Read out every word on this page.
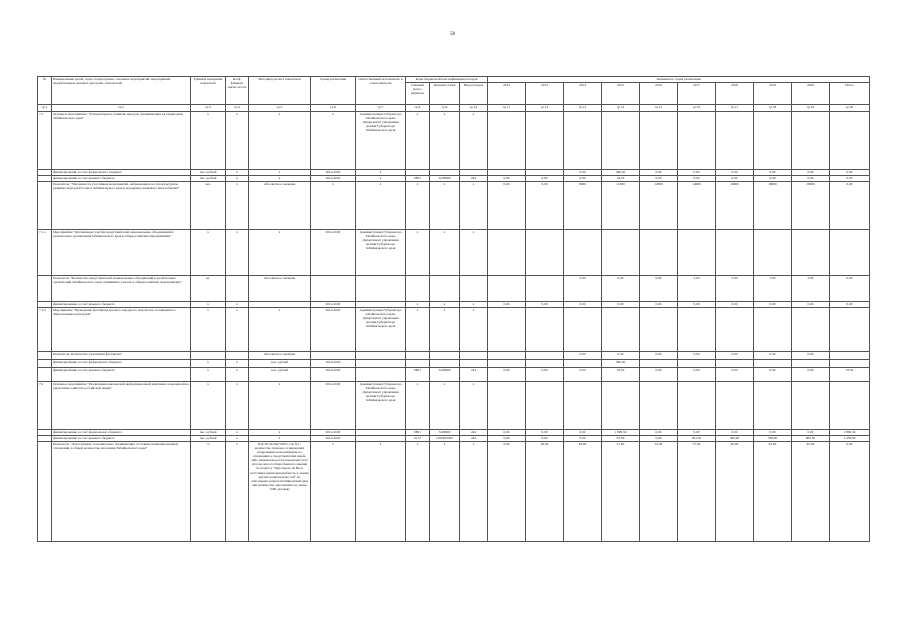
58
№	Наименование целей, задач, подпрограмм, основных мероприятий, мероприятий, ведомственных целевых программ, показателей	Единица измерения показателя	Коэф- фициент значи- мости	Методика расчета показателя	Сроки реализации	Ответственный исполнитель и соисполнители	Коды бюджетной классификации расходов			Значения по годам реализации									
							Главный распо- рядитель	Целевая статья	Вид расходов	2012	2013	2014	2015	2016	2017	2018	2019	2020	Итого
гр.1	гр.2	гр.3	гр.4	гр.5	гр.6	гр.7	гр.8	гр.9	гр.10	гр.11	гр.12	гр.13	гр.14	гр.15	гр.16	гр.17	гр.18	гр.19	гр.20
7.1	Основное мероприятие "Этнокультурное развитие народов, проживающих на территории Забайкальского края"	х	х	х	х	Администрация Губернатора Забайкальского края, Департамент управления делами Губернатора Забайкальского края	х	х	х										
	финансирование за счет федерального бюджета	тыс. рублей	х	х	2014-2020	х						0,00	369,20	0,00	0,00	0,00	0,00	0,00	0,00
	финансирование за счет краевого бюджета	тыс. рублей	х	х	2014-2020	х	0801	5229900	244	0,00	0,00	0,00	19,50	0,00	0,00	0,00	0,00	0,00	0,00
	Показатель: "Численность участников мероприятий, направленных на этнокультурное развитие народов России и Забайкальского края и поддержку языкового многообразия"	чел.	х	Абсолютное значение	х	х	х	х	х	0,00	0,00	8000	11000	12000	14000	16000	18000	20000	0,00
7.1.1	Мероприятие "Организация участия представителей национальных объединений и религиозных организаций Забайкальского края в общероссийских мероприятиях"	х	х	х	2014-2020	Администрация Губернатора Забайкальского края, Департамент управления делами Губернатора Забайкальского края	х	х	х										
	Показатель "Количество представителей национальных объединений и религиозных организаций Забайкальского края, принявших участие в общероссийских мероприятиях"	ед.		Абсолютное значение								0,00	0,00	0,00	5,00	5,00	5,00	5,00	0,00
	финансирование за счет краевого бюджета	х	х		2014-2020		х	х	х	0,00	0,00	0,00	0,00	0,00	0,00	0,00	0,00	0,00	0,00
7.1.2	Мероприятие "Проведение фестиваля детского народного творчества, посвященного национальным культурам"	х	х	х	2014-2020	Администрация Губернатора Забайкальского края, Департамент управления делами Губернатора Забайкальского края	х	х	х										
	Показатель: Количество участников фестиваля"			Абсолютное значение								0,00	0,00	0,00	0,00	0,00	0,00	0,00	
	финансирование за счет федерального бюджета	х	х	тыс. рублей	2014-2020								369,20						
	финансирование за счет краевого бюджета	х	х	тыс. рублей	2014-2020		0801	5229900	244	0,00	0,00	0,00	19,50	0,00	0,00	0,00	0,00	0,00	19,50
7.2	Основное мероприятие "Реализация комплексной информационной кампании, нацеленной на укрепление единства российской нации"	х	х	х	2014-2020	Администрация Губернатора Забайкальского края, Департамент управления делами Губернатора Забайкальского края	х	х	х										
	финансирование за счет федерального бюджета	тыс. рублей	х	х	2014-2020		0801	5229900	244	0,00	0,00	0,00	1 809,34	0,00	0,00	0,00	0,00	0,00	1 809,34
	финансирование за счет краевого бюджета	тыс. рублей	х	х	2014-2020		0113	1950203395	244	0,00	0,00	0,00	95,30	0,00	291,30	300,00	338,00	863,30	1 459,90
	Показатель "Доля граждан, положительно оценивающих состояние межнациональных отношений, в общем количестве населения Забайкальского края"	%	х	ПД=N1/Nобщ*100%, где N1 - количество граждан, отрицающих раздражение или неприязнь по отношению к представителям какой-либо национальности (определяется по итогам опроса общественного мнения по вопросу "Чувствуете ли Вы в настоящее время враждебность к людям других национальностей" по самооценке репрезентативной выборки при количестве опрошенных не менее 1500 человек)	х	х	х	х	х	0,00	46,00	48,00	51,00	54,00	57,00	60,00	62,00	65,00	0,00
